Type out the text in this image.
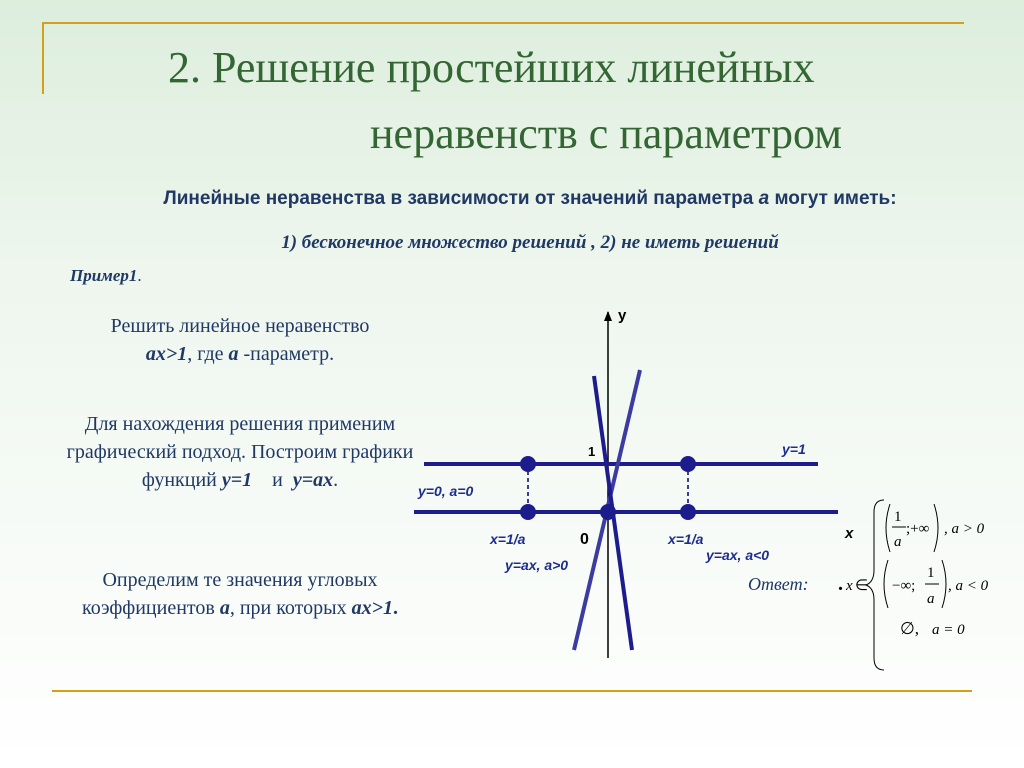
2. Решение простейших линейных
неравенств с параметром
Линейные неравенства в зависимости от значений параметра а могут иметь:
1) бесконечное множество решений , 2) не иметь решений
Пример1.
Решить линейное неравенство
ах>1, где а -параметр.
Для нахождения решения применим графический подход. Построим графики функций у=1 и у=ах.
Определим те значения угловых коэффициентов а, при которых ах>1.
у
х
1
0
у=1
у=0, а=0
х=1/а	х=1/а
у=ах, а>0
у=ах, а<0
Ответ: . x ∈
1
a
;+∞ , a > 0
−∞;
1
a
, a < 0
∅, a = 0
